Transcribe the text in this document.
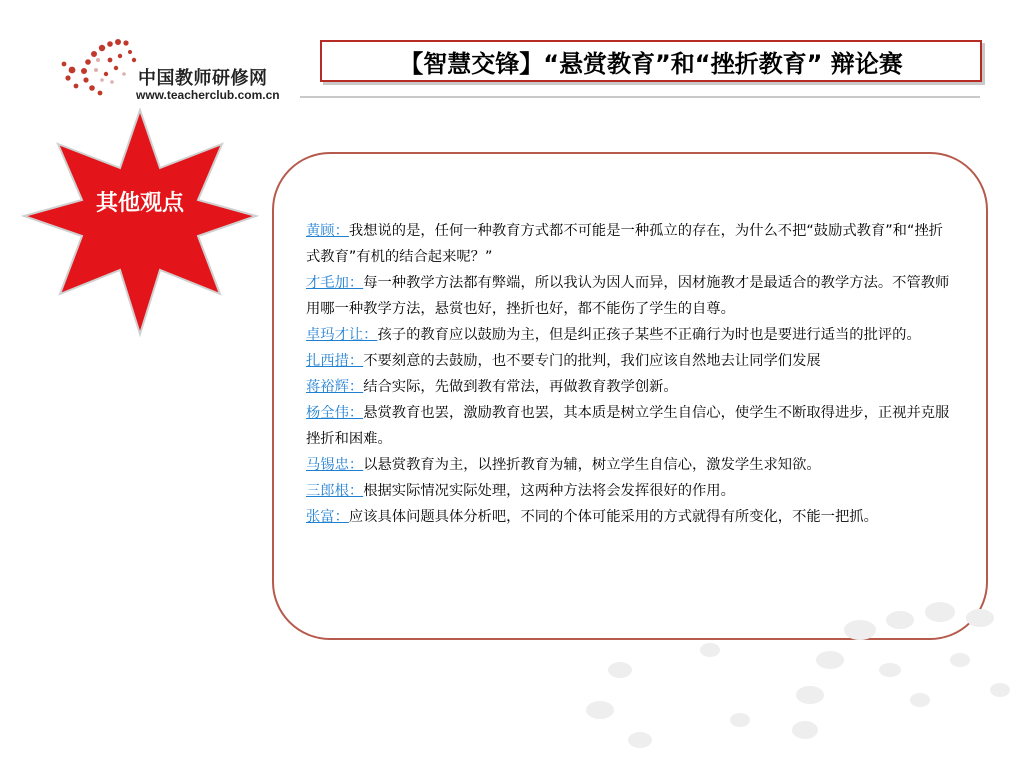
中国教师研修网
www.teacherclub.com.cn
【智慧交锋】“悬赏教育”和“挫折教育” 辩论赛
其他观点

黄顾：我想说的是，任何一种教育方式都不可能是一种孤立的存在，为什么不把“鼓励式教育”和“挫折式教育”有机的结合起来呢？”

才毛加：每一种教学方法都有弊端，所以我认为因人而异，因材施教才是最适合的教学方法。不管教师用哪一种教学方法，悬赏也好，挫折也好，都不能伤了学生的自尊。

卓玛才让：孩子的教育应以鼓励为主，但是纠正孩子某些不正确行为时也是要进行适当的批评的。

扎西措：不要刻意的去鼓励，也不要专门的批判，我们应该自然地去让同学们发展

蒋裕辉：结合实际，先做到教有常法，再做教育教学创新。

杨全伟：悬赏教育也罢，激励教育也罢，其本质是树立学生自信心，使学生不断取得进步，正视并克服挫折和困难。

马锡忠：以悬赏教育为主，以挫折教育为辅，树立学生自信心，激发学生求知欲。

三郎根：根据实际情况实际处理，这两种方法将会发挥很好的作用。

张富：应该具体问题具体分析吧，不同的个体可能采用的方式就得有所变化，不能一把抓。
